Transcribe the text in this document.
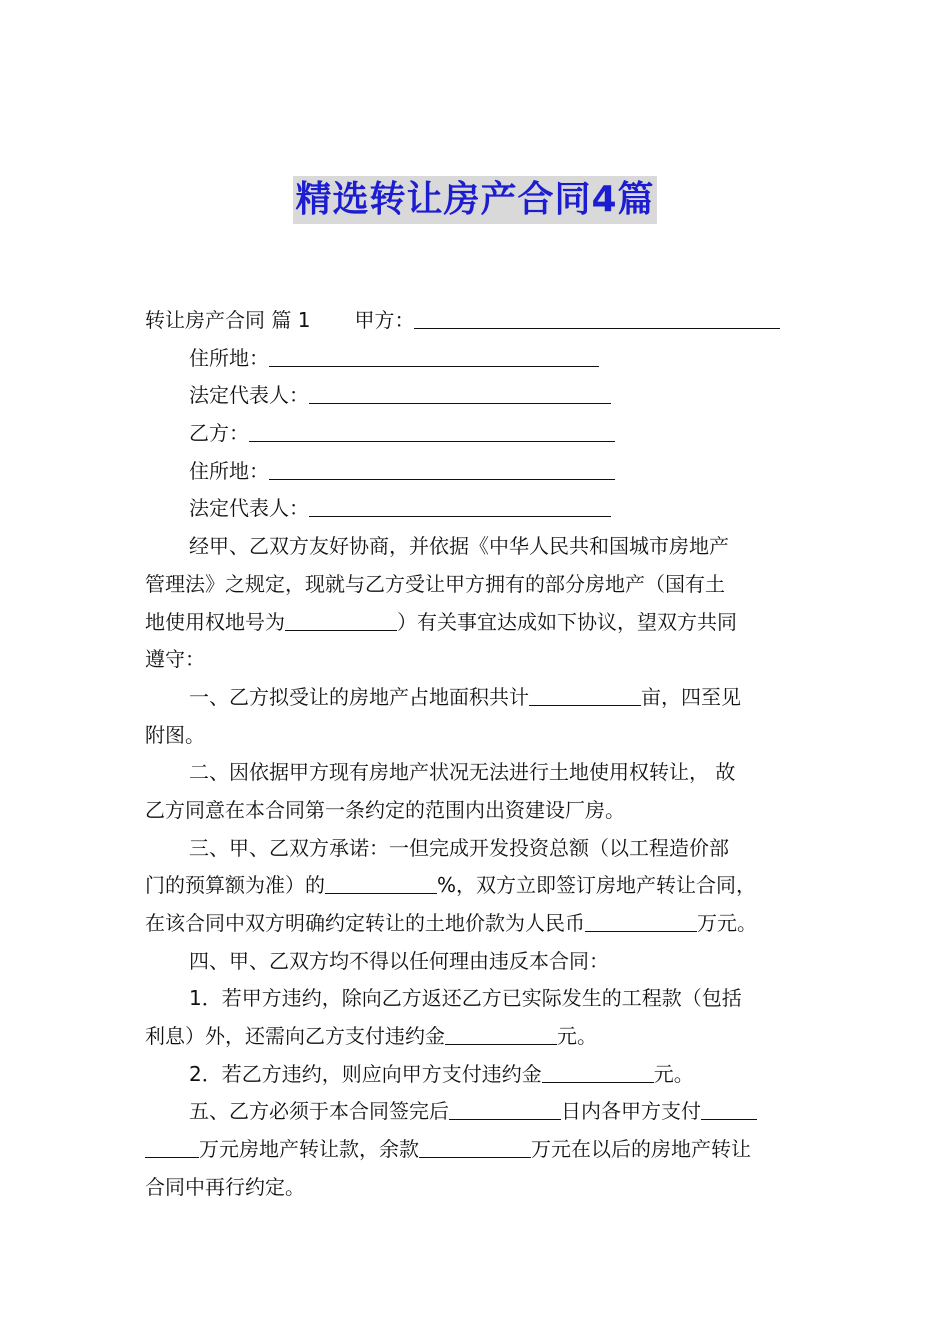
精选转让房产合同4篇
转让房产合同 篇 1 甲方：
住所地：
法定代表人：
乙方：
住所地：
法定代表人：
经甲、乙双方友好协商，并依据《中华人民共和国城市房地产
管理法》之规定，现就与乙方受让甲方拥有的部分房地产（国有土
地使用权地号为	）有关事宜达成如下协议，望双方共同
遵守：
一、乙方拟受让的房地产占地面积共计	亩，四至见
附图。
二、因依据甲方现有房地产状况无法进行土地使用权转让， 故
乙方同意在本合同第一条约定的范围内出资建设厂房。
三、甲、乙双方承诺：一但完成开发投资总额（以工程造价部
门的预算额为准）的	%，双方立即签订房地产转让合同，
在该合同中双方明确约定转让的土地价款为人民币	万元。
四、甲、乙双方均不得以任何理由违反本合同：
1．若甲方违约，除向乙方返还乙方已实际发生的工程款（包括
利息）外，还需向乙方支付违约金	元。
2．若乙方违约，则应向甲方支付违约金	元。
五、乙方必须于本合同签完后	日内各甲方支付
万元房地产转让款，余款	万元在以后的房地产转让
合同中再行约定。
